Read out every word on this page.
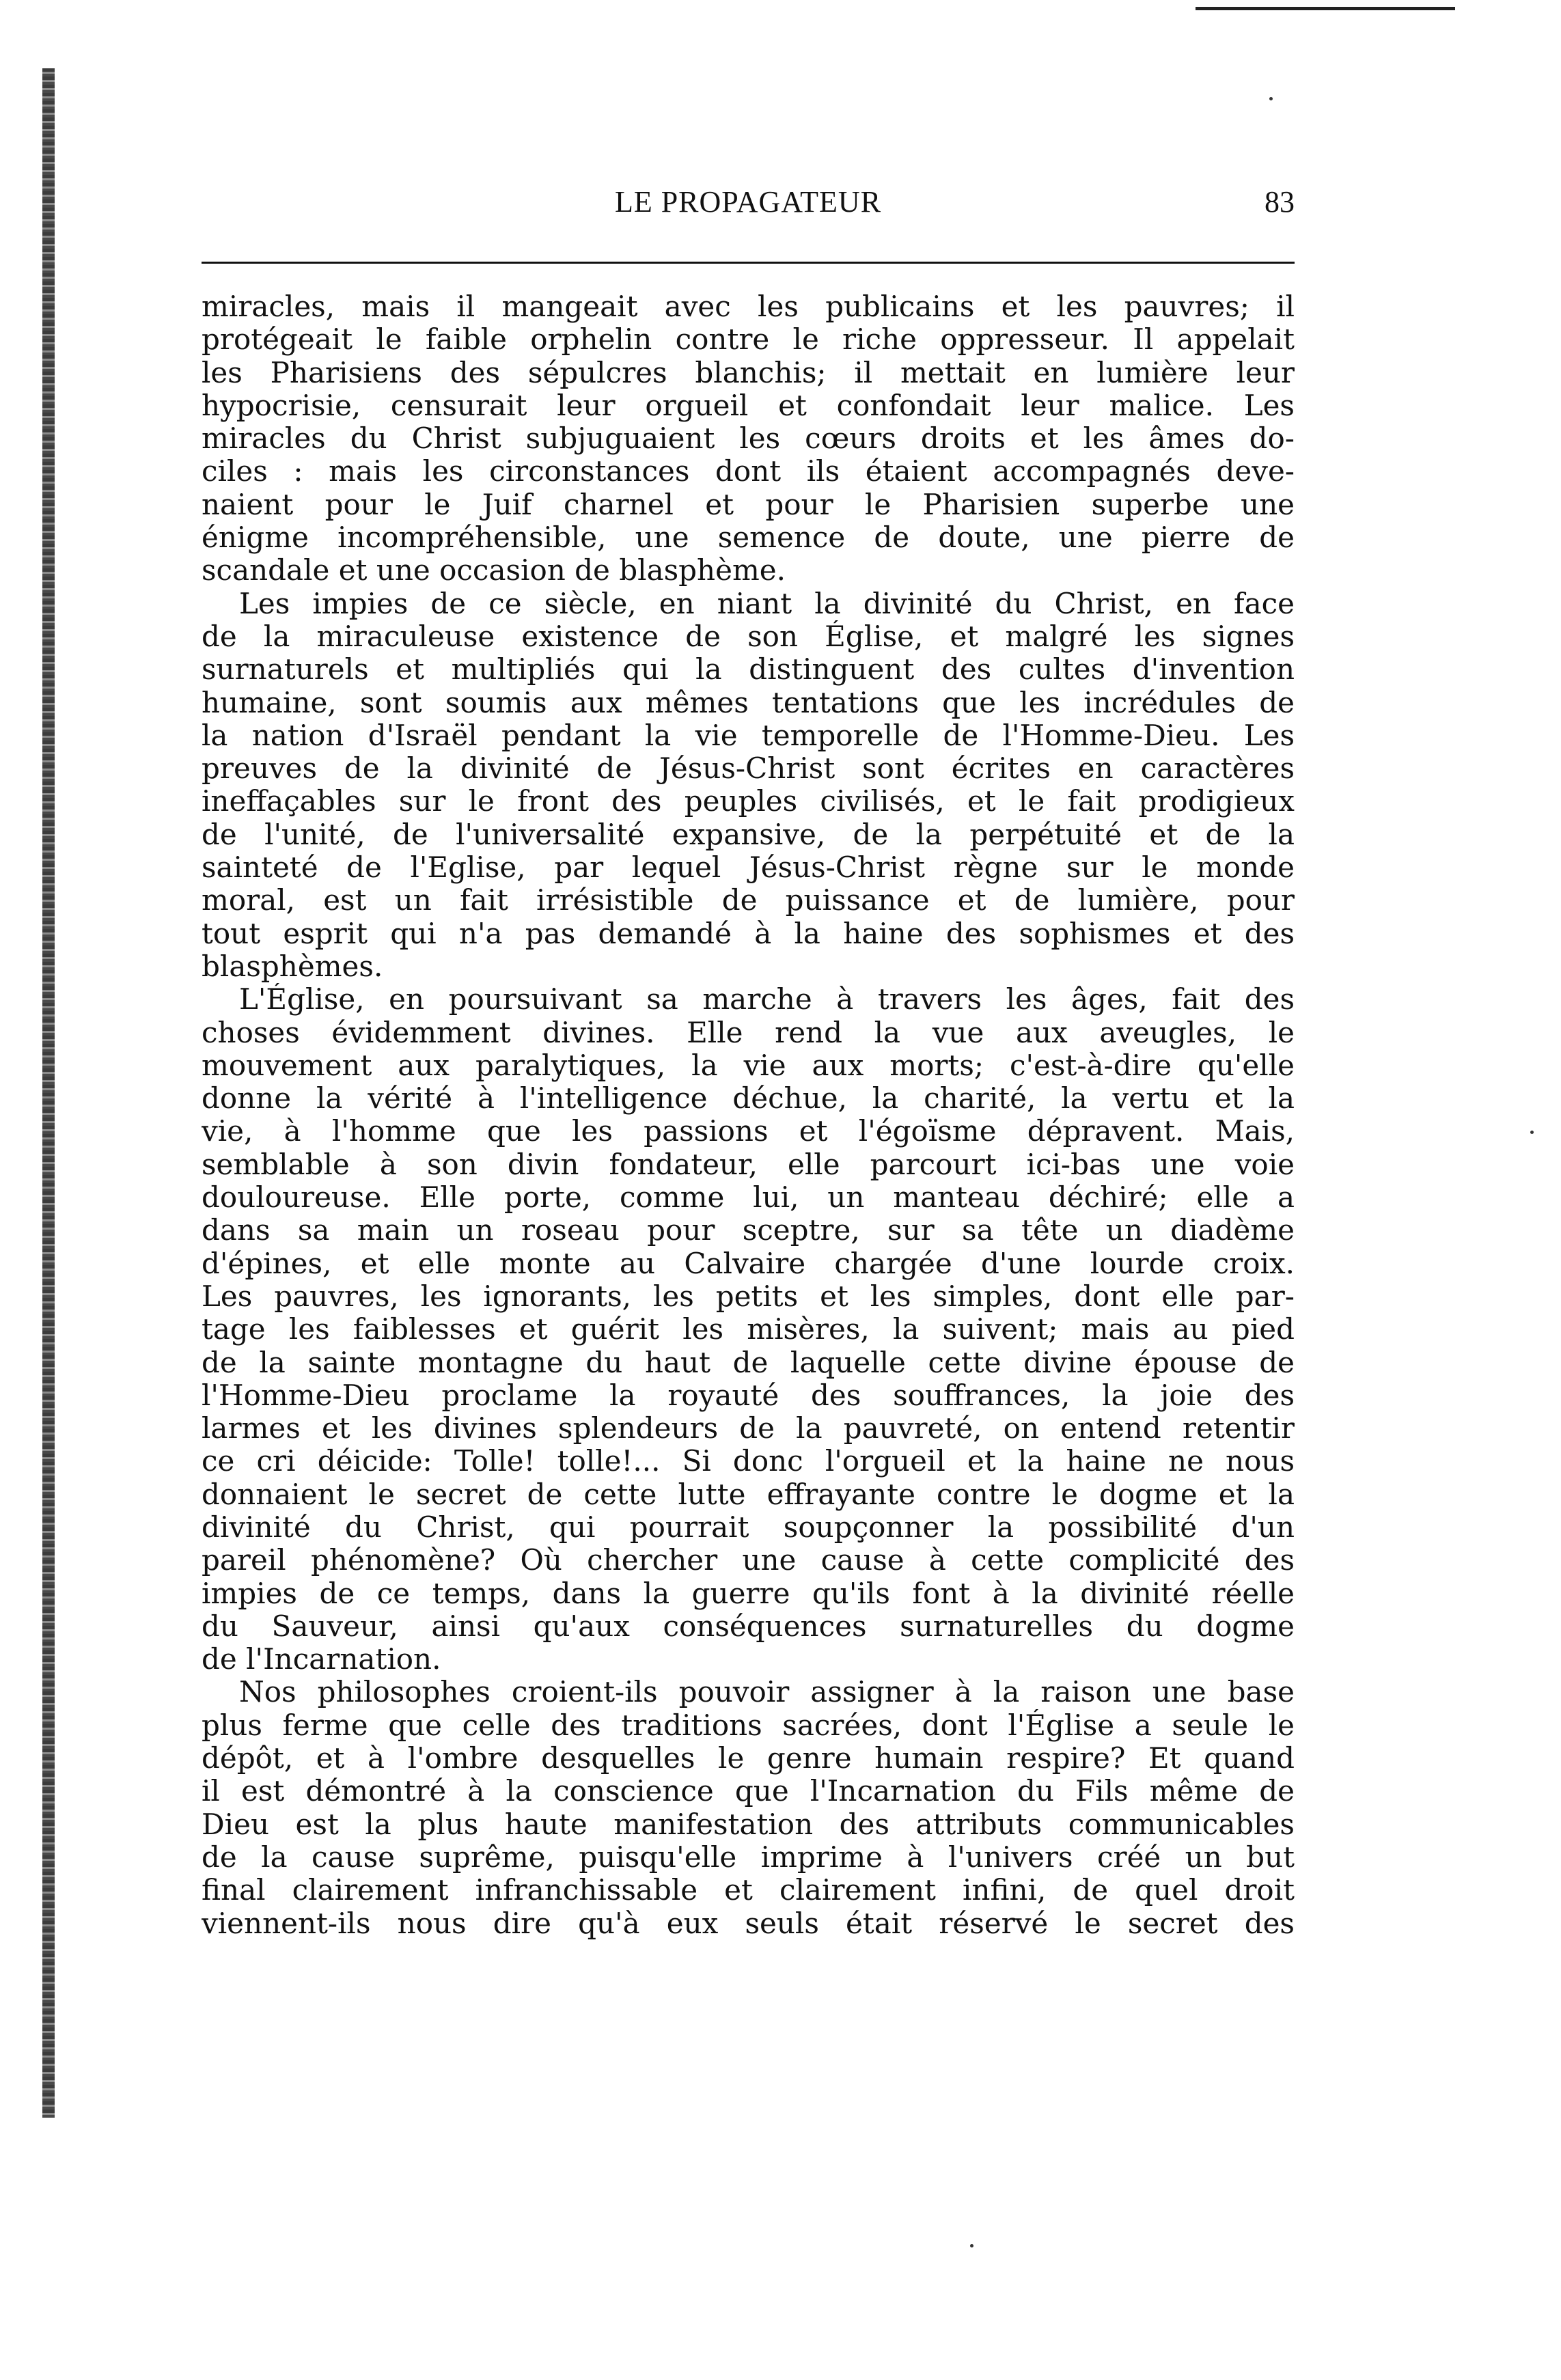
LE PROPAGATEUR	83
miracles, mais il mangeait avec les publicains et les pauvres; il
protégeait le faible orphelin contre le riche oppresseur. Il appelait
les Pharisiens des sépulcres blanchis; il mettait en lumière leur
hypocrisie, censurait leur orgueil et confondait leur malice. Les
miracles du Christ subjuguaient les cœurs droits et les âmes do-
ciles : mais les circonstances dont ils étaient accompagnés deve-
naient pour le Juif charnel et pour le Pharisien superbe une
énigme incompréhensible, une semence de doute, une pierre de
scandale et une occasion de blasphème.
Les impies de ce siècle, en niant la divinité du Christ, en face
de la miraculeuse existence de son Église, et malgré les signes
surnaturels et multipliés qui la distinguent des cultes d'invention
humaine, sont soumis aux mêmes tentations que les incrédules de
la nation d'Israël pendant la vie temporelle de l'Homme-Dieu. Les
preuves de la divinité de Jésus-Christ sont écrites en caractères
ineffaçables sur le front des peuples civilisés, et le fait prodigieux
de l'unité, de l'universalité expansive, de la perpétuité et de la
sainteté de l'Eglise, par lequel Jésus-Christ règne sur le monde
moral, est un fait irrésistible de puissance et de lumière, pour
tout esprit qui n'a pas demandé à la haine des sophismes et des
blasphèmes.
L'Église, en poursuivant sa marche à travers les âges, fait des
choses évidemment divines. Elle rend la vue aux aveugles, le
mouvement aux paralytiques, la vie aux morts; c'est-à-dire qu'elle
donne la vérité à l'intelligence déchue, la charité, la vertu et la
vie, à l'homme que les passions et l'égoïsme dépravent. Mais,
semblable à son divin fondateur, elle parcourt ici-bas une voie
douloureuse. Elle porte, comme lui, un manteau déchiré; elle a
dans sa main un roseau pour sceptre, sur sa tête un diadème
d'épines, et elle monte au Calvaire chargée d'une lourde croix.
Les pauvres, les ignorants, les petits et les simples, dont elle par-
tage les faiblesses et guérit les misères, la suivent; mais au pied
de la sainte montagne du haut de laquelle cette divine épouse de
l'Homme-Dieu proclame la royauté des souffrances, la joie des
larmes et les divines splendeurs de la pauvreté, on entend retentir
ce cri déicide: Tolle! tolle!... Si donc l'orgueil et la haine ne nous
donnaient le secret de cette lutte effrayante contre le dogme et la
divinité du Christ, qui pourrait soupçonner la possibilité d'un
pareil phénomène? Où chercher une cause à cette complicité des
impies de ce temps, dans la guerre qu'ils font à la divinité réelle
du Sauveur, ainsi qu'aux conséquences surnaturelles du dogme
de l'Incarnation.
Nos philosophes croient-ils pouvoir assigner à la raison une base
plus ferme que celle des traditions sacrées, dont l'Église a seule le
dépôt, et à l'ombre desquelles le genre humain respire? Et quand
il est démontré à la conscience que l'Incarnation du Fils même de
Dieu est la plus haute manifestation des attributs communicables
de la cause suprême, puisqu'elle imprime à l'univers créé un but
final clairement infranchissable et clairement infini, de quel droit
viennent-ils nous dire qu'à eux seuls était réservé le secret des
